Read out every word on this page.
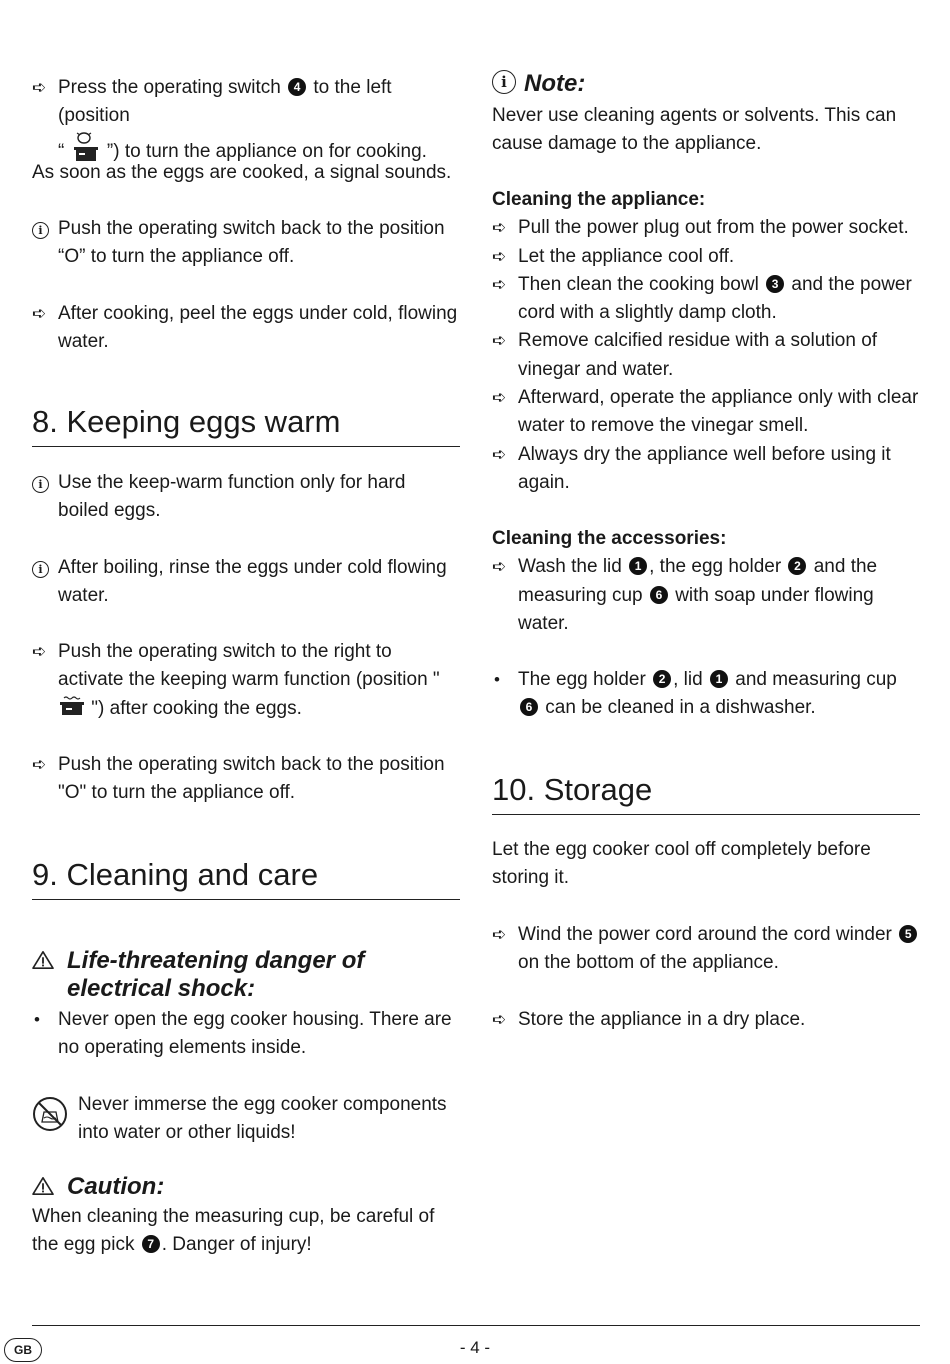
➪ Press the operating switch 4 to the left (position
“ ”) to turn the appliance on for cooking.
As soon as the eggs are cooked, a signal sounds.
i Push the operating switch back to the position “O” to turn the appliance off.
➪ After cooking, peel the eggs under cold, flowing water.
8. Keeping eggs warm
i Use the keep-warm function only for hard boiled eggs.
i After boiling, rinse the eggs under cold flowing water.
➪ Push the operating switch to the right to activate the keeping warm function (position "  ") after cooking the eggs.
➪ Push the operating switch back to the position "O" to turn the appliance off.
9. Cleaning and care
Life-threatening danger of electrical shock:
• Never open the egg cooker housing. There are no operating elements inside.
Never immerse the egg cooker components into water or other liquids!
Caution:
When cleaning the measuring cup, be careful of the egg pick 7 . Danger of injury!
i Note:
Never use cleaning agents or solvents. This can cause damage to the appliance.
Cleaning the appliance:
➪ Pull the power plug out from the power socket.
➪ Let the appliance cool off.
➪ Then clean the cooking bowl 3 and the power cord with a slightly damp cloth.
➪ Remove calcified residue with a solution of vinegar and water.
➪ Afterward, operate the appliance only with clear water to remove the vinegar smell.
➪ Always dry the appliance well before using it again.
Cleaning the accessories:
➪ Wash the lid 1 , the egg holder 2 and the measuring cup 6 with soap under flowing water.
• The egg holder 2 , lid 1 and measuring cup 6 can be cleaned in a dishwasher.
10. Storage
Let the egg cooker cool off completely before storing it.
➪ Wind the power cord around the cord winder 5 on the bottom of the appliance.
➪ Store the appliance in a dry place.
GB	- 4 -
